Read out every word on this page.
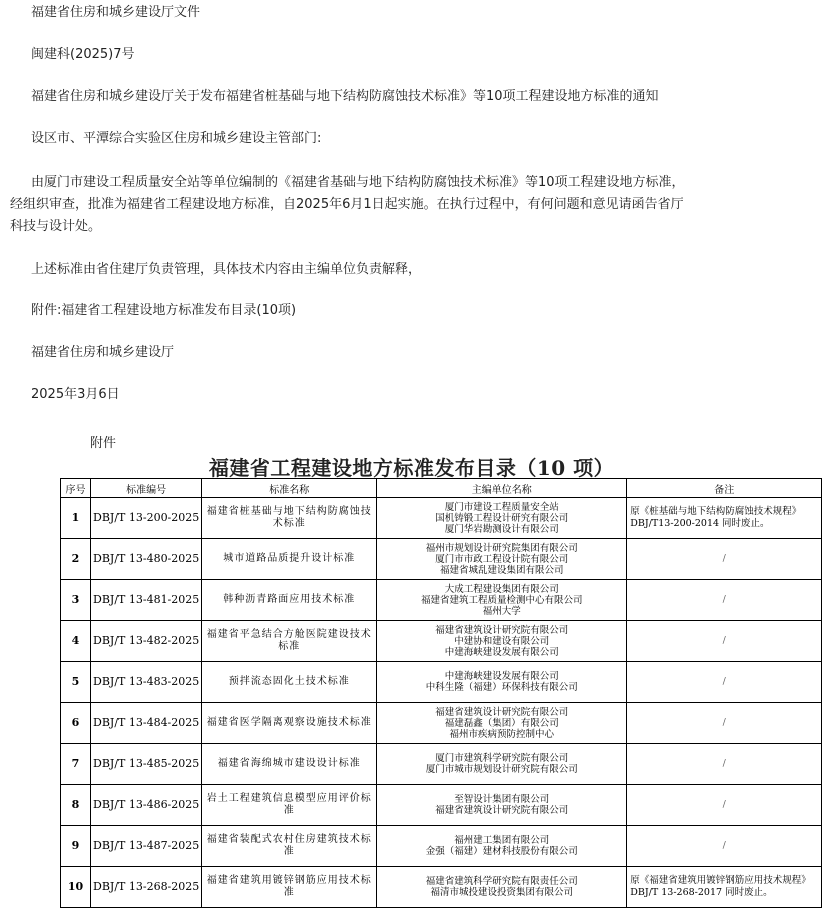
福建省住房和城乡建设厅文件

闽建科(2025)7号

福建省住房和城乡建设厅关于发布福建省桩基础与地下结构防腐蚀技术标准》等10项工程建设地方标准的通知

设区市、平潭综合实验区住房和城乡建设主管部门:

由厦门市建设工程质量安全站等单位编制的《福建省基础与地下结构防腐蚀技术标准》等10项工程建设地方标准，经组织审查，批准为福建省工程建设地方标准，自2025年6月1日起实施。在执行过程中，有何问题和意见请函告省厅科技与设计处。

上述标准由省住建厅负责管理，具体技术内容由主编单位负责解释，

附件:福建省工程建设地方标准发布目录(10项)

福建省住房和城乡建设厅

2025年3月6日

附件
福建省工程建设地方标准发布目录（10 项）
序号	标准编号	标准名称	主编单位名称	备注
1	DBJ/T 13-200-2025	福建省桩基础与地下结构防腐蚀技术标准	厦门市建设工程质量安全站
国机铸锻工程设计研究有限公司
厦门华岩勘测设计有限公司	原《桩基础与地下结构防腐蚀技术规程》DBJ/T13-200-2014 同时废止。
2	DBJ/T 13-480-2025	城市道路品质提升设计标准	福州市规划设计研究院集团有限公司
厦门市市政工程设计院有限公司
福建省城乱建设集团有限公司	/
3	DBJ/T 13-481-2025	韩种沥青路面应用技术标准	大成工程建设集团有限公司
福建省建筑工程质量检测中心有限公司
福州大学	/
4	DBJ/T 13-482-2025	福建省平急结合方舱医院建设技术标准	福建省建筑设计研究院有限公司
中建协和建设有限公司
中建海峡建设发展有限公司	/
5	DBJ/T 13-483-2025	预拌流态固化土技术标准	中建海峡建设发展有限公司
中科生隆（福建）环保科技有限公司	/
6	DBJ/T 13-484-2025	福建省医学隔离观察设施技术标准	福建省建筑设计研究院有限公司
福建磊鑫（集团）有限公司
福州市疾病预防控制中心	/
7	DBJ/T 13-485-2025	福建省海绵城市建设设计标准	厦门市建筑科学研究院有限公司
厦门市城市规划设计研究院有限公司	/
8	DBJ/T 13-486-2025	岩土工程建筑信息模型应用评价标准	至智设计集团有限公司
福建省建筑设计研究院有限公司	/
9	DBJ/T 13-487-2025	福建省装配式农村住房建筑技术标准	福州建工集团有限公司
金强（福建）建材科技股份有限公司	/
10	DBJ/T 13-268-2025	福建省建筑用镀锌钢筋应用技术标准	福建省建筑科学研究院有限责任公司
福清市城投建设投资集团有限公司	原《福建省建筑用镀锌钢筋应用技术规程》DBJ/T 13-268-2017 同时废止。
